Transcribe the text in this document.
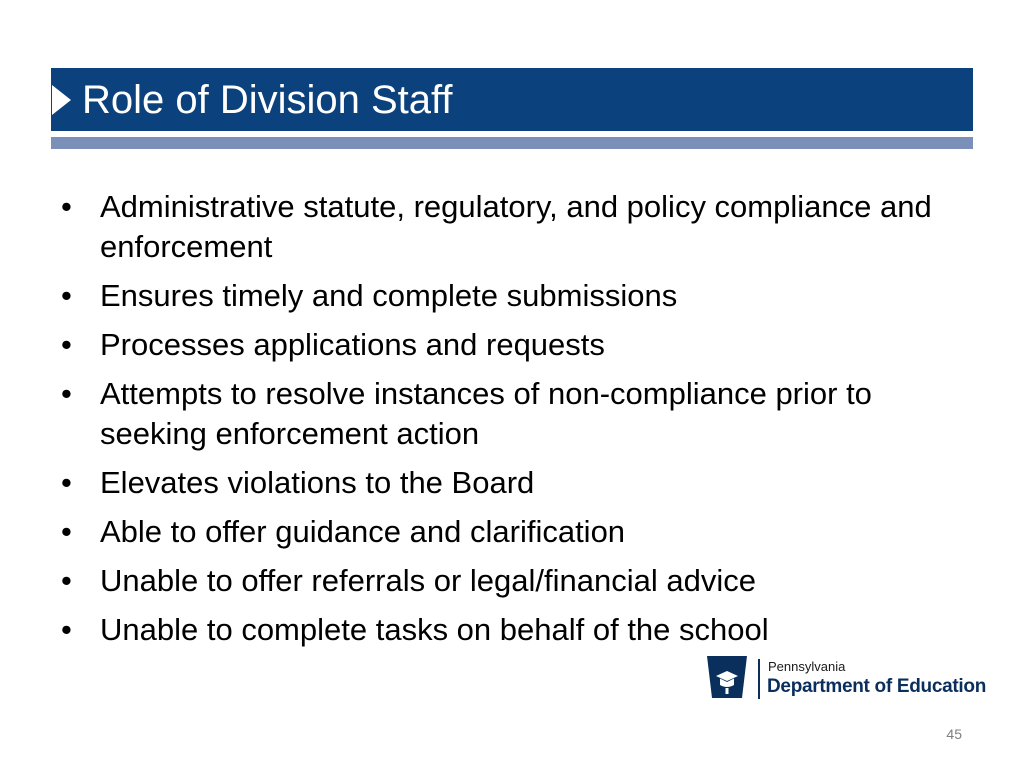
Role of Division Staff
• Administrative statute, regulatory, and policy compliance and enforcement
• Ensures timely and complete submissions
• Processes applications and requests
• Attempts to resolve instances of non-compliance prior to seeking enforcement action
• Elevates violations to the Board
• Able to offer guidance and clarification
• Unable to offer referrals or legal/financial advice
• Unable to complete tasks on behalf of the school
Pennsylvania
Department of Education
45
